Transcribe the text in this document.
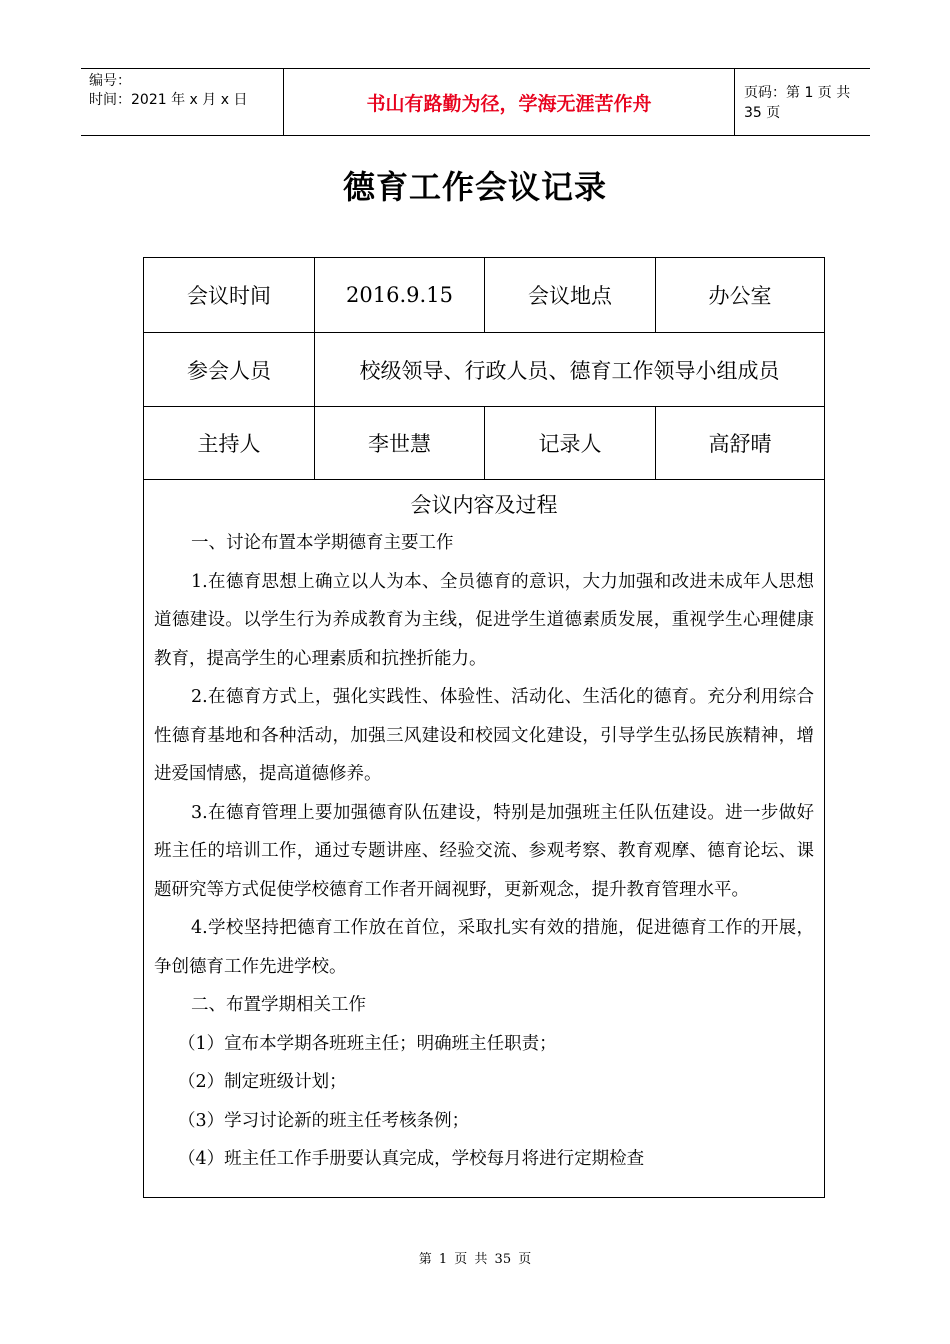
编号：
时间：2021 年 x 月 x 日	书山有路勤为径，学海无涯苦作舟	页码：第 1 页 共 35 页
德育工作会议记录
会议时间	2016.9.15	会议地点	办公室
参会人员	校级领导、行政人员、德育工作领导小组成员
主持人	李世慧	记录人	高舒晴
会议内容及过程

一、讨论布置本学期德育主要工作

1.在德育思想上确立以人为本、全员德育的意识，大力加强和改进未成年人思想道德建设。以学生行为养成教育为主线，促进学生道德素质发展，重视学生心理健康教育，提高学生的心理素质和抗挫折能力。

2.在德育方式上，强化实践性、体验性、活动化、生活化的德育。充分利用综合性德育基地和各种活动，加强三风建设和校园文化建设，引导学生弘扬民族精神，增进爱国情感，提高道德修养。

3.在德育管理上要加强德育队伍建设，特别是加强班主任队伍建设。进一步做好班主任的培训工作，通过专题讲座、经验交流、参观考察、教育观摩、德育论坛、课题研究等方式促使学校德育工作者开阔视野，更新观念，提升教育管理水平。

4.学校坚持把德育工作放在首位，采取扎实有效的措施，促进德育工作的开展，争创德育工作先进学校。

二、布置学期相关工作

（1）宣布本学期各班班主任；明确班主任职责；

（2）制定班级计划；

（3）学习讨论新的班主任考核条例；

（4）班主任工作手册要认真完成，学校每月将进行定期检查

第 1 页 共 35 页
